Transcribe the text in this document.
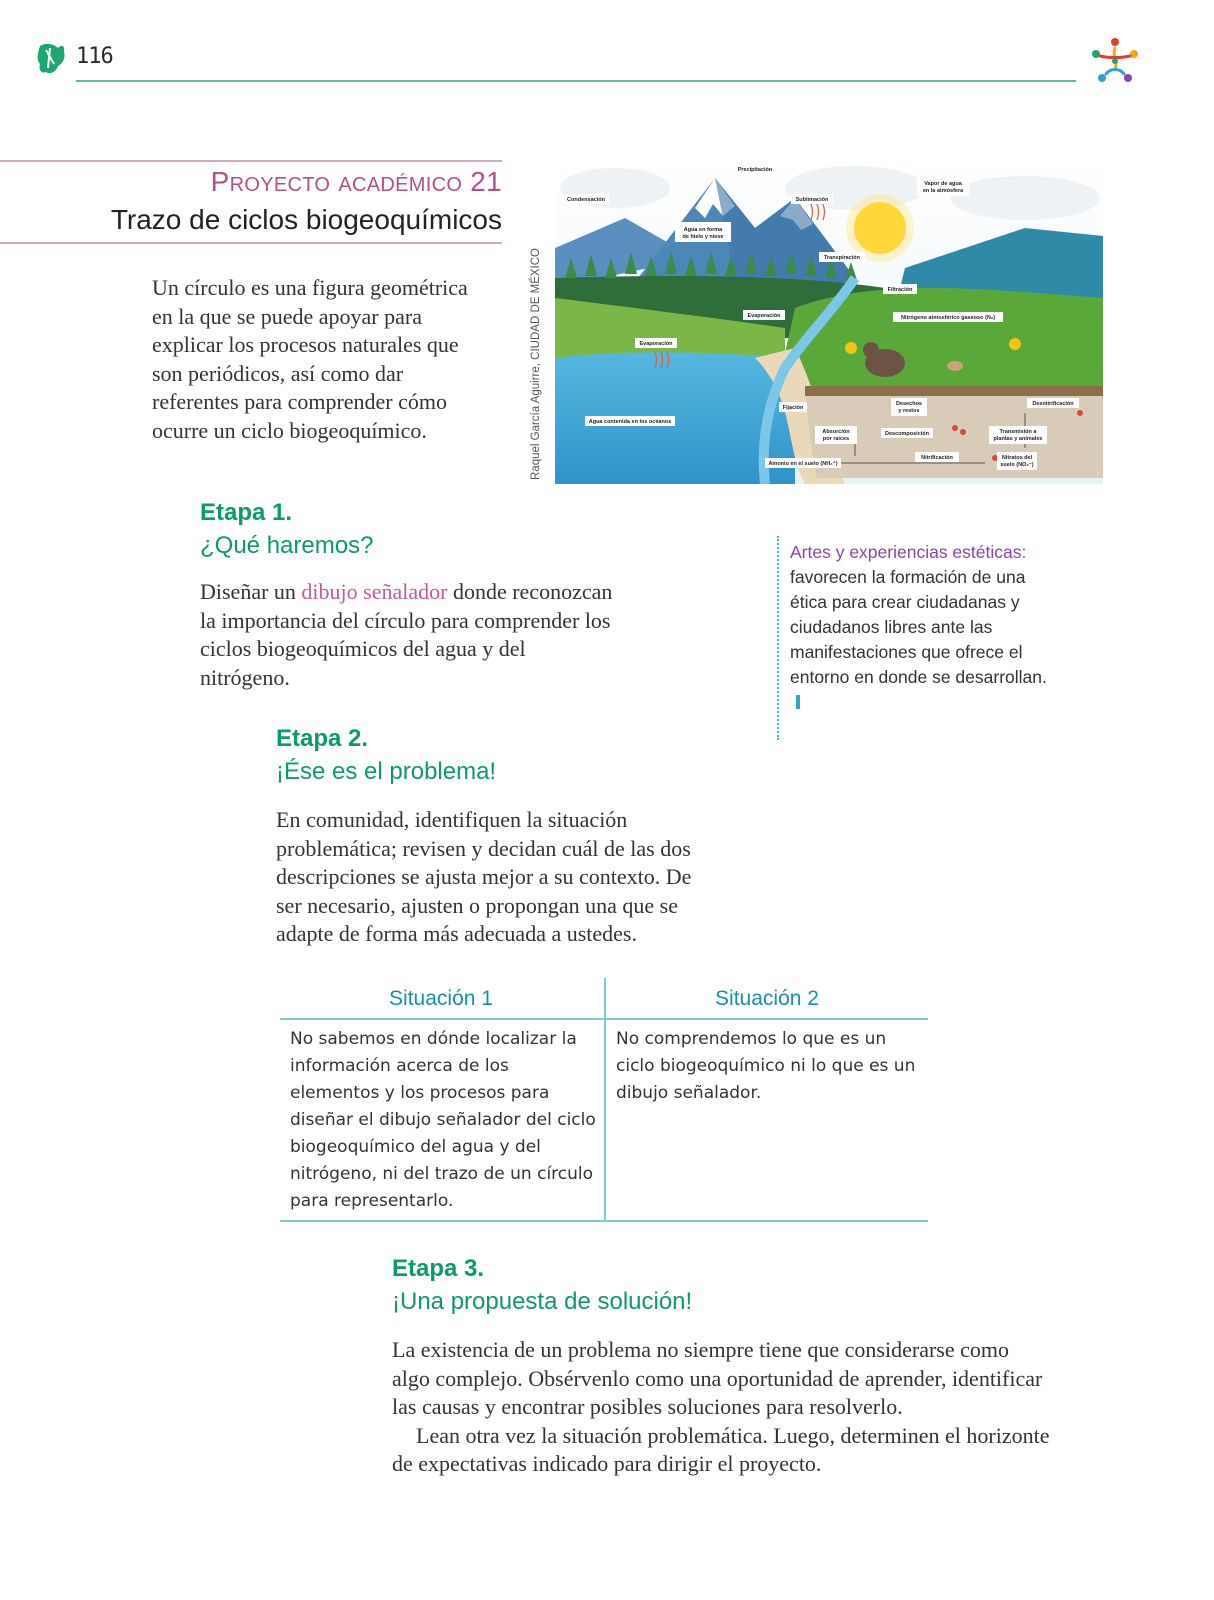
116
Proyecto académico 21
Trazo de ciclos biogeoquímicos
Un círculo es una figura geométrica en la que se puede apoyar para explicar los procesos naturales que son periódicos, así como dar referentes para comprender cómo ocurre un ciclo biogeoquímico.	Raquel García Aguirre, CIUDAD DE MÉXICO
Precipitación
Condensación	Sublimación
Vapor de agua
en la atmósfera
Agua en forma
de hielo y nieve
Transpiración
Filtración
Evaporación
Evaporación
Nitrógeno atmosférico gaseoso (N₂)
Agua contenida en los océanos
Fijación
Desechos
y restos
Desnitrificación
Absorción
por raíces
Descomposición	Transmisión a
plantas y animales
Nitrificación
Amonio en el suelo (NH₄⁺)
Nitratos del
suelo (NO₃⁻)
Etapa 1.
¿Qué haremos?
Diseñar un dibujo señalador donde reconozcan la importancia del círculo para comprender los ciclos biogeoquímicos del agua y del nitrógeno.
Artes y experiencias estéticas: favorecen la formación de una ética para crear ciudadanas y ciudadanos libres ante las manifestaciones que ofrece el entorno en donde se desarrollan.
Etapa 2.
¡Ése es el problema!
En comunidad, identifiquen la situación problemática; revisen y decidan cuál de las dos descripciones se ajusta mejor a su contexto. De ser necesario, ajusten o propongan una que se adapte de forma más adecuada a ustedes.
Situación 1	Situación 2
No sabemos en dónde localizar la información acerca de los elementos y los procesos para diseñar el dibujo señalador del ciclo biogeoquímico del agua y del nitrógeno, ni del trazo de un círculo para representarlo.
No comprendemos lo que es un ciclo biogeoquímico ni lo que es un dibujo señalador.
Etapa 3.
¡Una propuesta de solución!
La existencia de un problema no siempre tiene que considerarse como algo complejo. Obsérvenlo como una oportunidad de aprender, identificar las causas y encontrar posibles soluciones para resolverlo.
Lean otra vez la situación problemática. Luego, determinen el horizonte de expectativas indicado para dirigir el proyecto.
